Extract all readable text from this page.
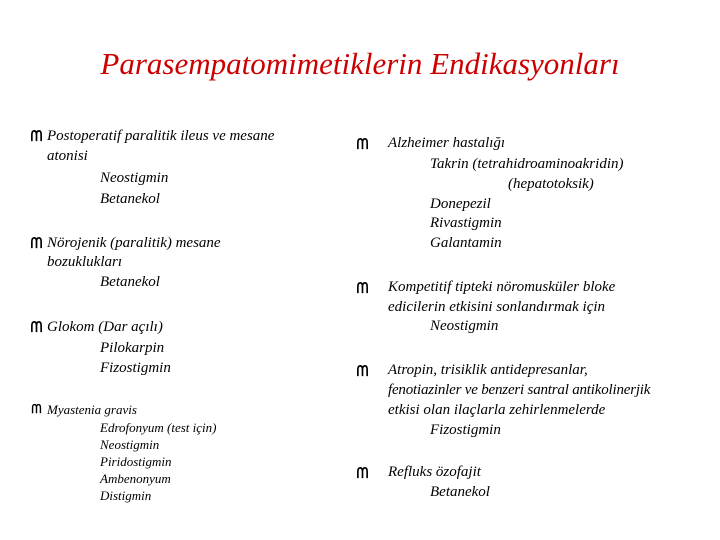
Parasempatomimetiklerin Endikasyonları
Postoperatif paralitik ileus ve mesane
atonisi
Neostigmin
Betanekol
Nörojenik (paralitik) mesane
bozuklukları
Betanekol
Glokom (Dar açılı)
Pilokarpin
Fizostigmin
Myastenia gravis
Edrofonyum (test için)
Neostigmin
Piridostigmin
Ambenonyum
Distigmin
Alzheimer hastalığı
Takrin (tetrahidroaminoakridin)
(hepatotoksik)
Donepezil
Rivastigmin
Galantamin
Kompetitif tipteki nöromusküler bloke
edicilerin etkisini sonlandırmak için
Neostigmin
Atropin, trisiklik antidepresanlar,
fenotiazinler ve benzeri santral antikolinerjik
etkisi olan ilaçlarla zehirlenmelerde
Fizostigmin
Refluks özofajit
Betanekol
